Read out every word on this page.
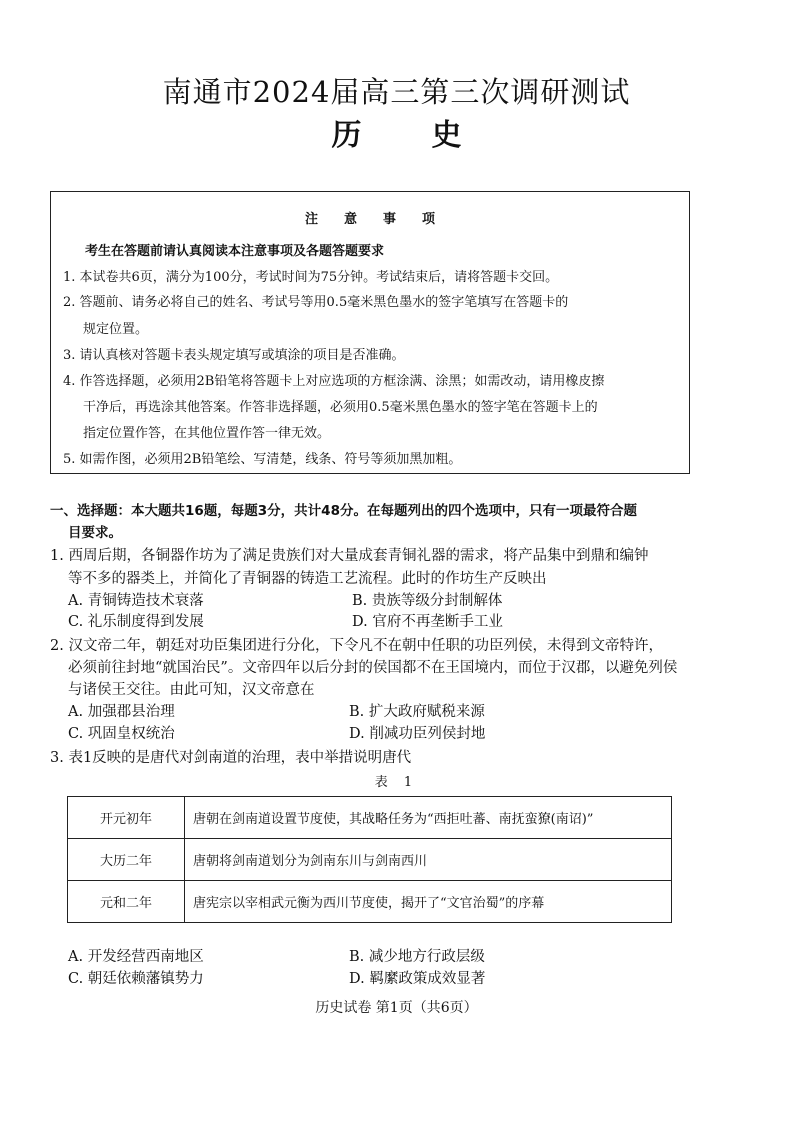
南通市2024届高三第三次调研测试
历史
注意事项
考生在答题前请认真阅读本注意事项及各题答题要求
1. 本试卷共6页，满分为100分，考试时间为75分钟。考试结束后，请将答题卡交回。
2. 答题前、请务必将自己的姓名、考试号等用0.5毫米黑色墨水的签字笔填写在答题卡的
规定位置。
3. 请认真核对答题卡表头规定填写或填涂的项目是否准确。
4. 作答选择题，必须用2B铅笔将答题卡上对应选项的方框涂满、涂黑；如需改动，请用橡皮擦
干净后，再选涂其他答案。作答非选择题，必须用0.5毫米黑色墨水的签字笔在答题卡上的
指定位置作答，在其他位置作答一律无效。
5. 如需作图，必须用2B铅笔绘、写清楚，线条、符号等须加黑加粗。
一、选择题：本大题共16题，每题3分，共计48分。在每题列出的四个选项中，只有一项最符合题
目要求。
1. 西周后期，各铜器作坊为了满足贵族们对大量成套青铜礼器的需求，将产品集中到鼎和编钟
等不多的器类上，并简化了青铜器的铸造工艺流程。此时的作坊生产反映出
A. 青铜铸造技术衰落	B. 贵族等级分封制解体
C. 礼乐制度得到发展	D. 官府不再垄断手工业
2. 汉文帝二年，朝廷对功臣集团进行分化，下令凡不在朝中任职的功臣列侯，未得到文帝特许，
必须前往封地“就国治民”。文帝四年以后分封的侯国都不在王国境内，而位于汉郡，以避免列侯
与诸侯王交往。由此可知，汉文帝意在
A. 加强郡县治理	B. 扩大政府赋税来源
C. 巩固皇权统治	D. 削减功臣列侯封地
3. 表1反映的是唐代对剑南道的治理，表中举措说明唐代
表 1
开元初年	唐朝在剑南道设置节度使，其战略任务为“西拒吐蕃、南抚蛮獠(南诏)”
大历二年	唐朝将剑南道划分为剑南东川与剑南西川
元和二年	唐宪宗以宰相武元衡为西川节度使，揭开了“文官治蜀”的序幕
A. 开发经营西南地区	B. 减少地方行政层级
C. 朝廷依赖藩镇势力	D. 羁縻政策成效显著
历史试卷 第1页（共6页）
